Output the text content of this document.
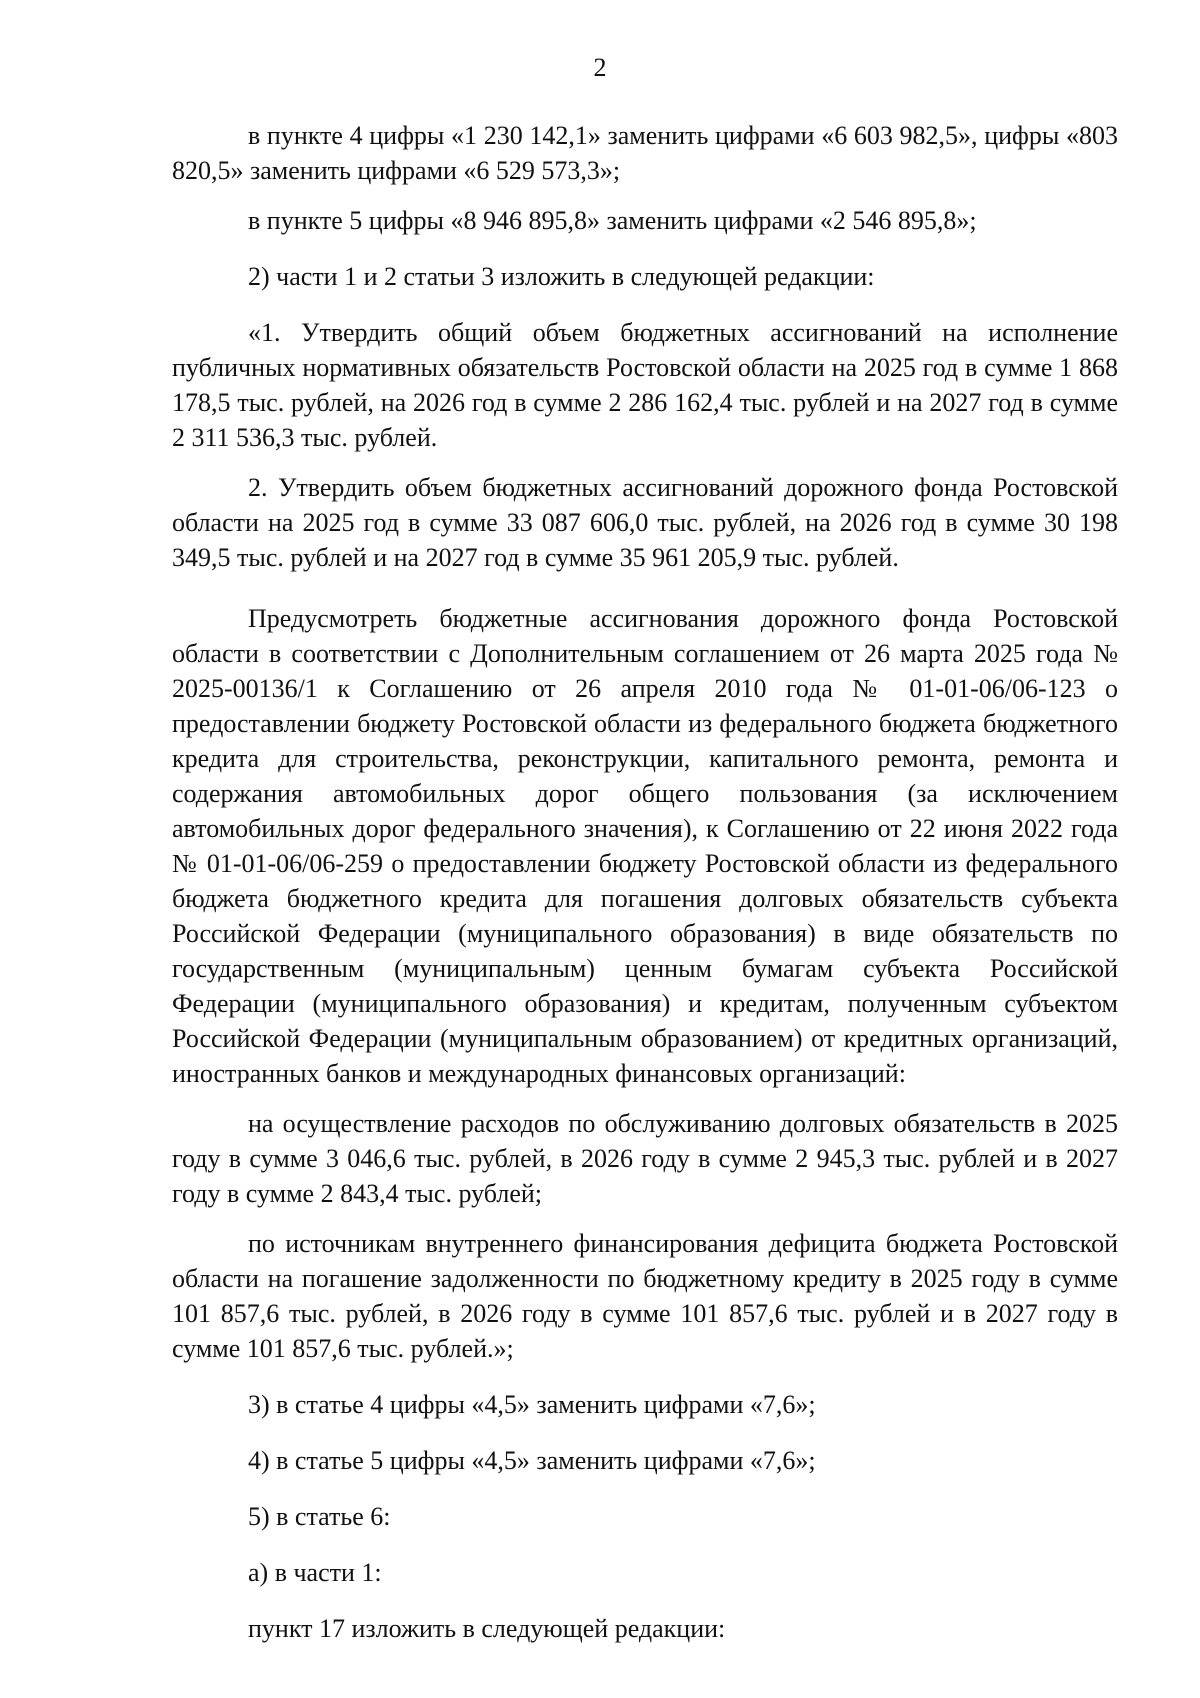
2

в пункте 4 цифры «1 230 142,1» заменить цифрами «6 603 982,5», цифры «803 820,5» заменить цифрами «6 529 573,3»;

в пункте 5 цифры «8 946 895,8» заменить цифрами «2 546 895,8»;

2) части 1 и 2 статьи 3 изложить в следующей редакции:

«1. Утвердить общий объем бюджетных ассигнований на исполнение публичных нормативных обязательств Ростовской области на 2025 год в сумме 1 868 178,5 тыс. рублей, на 2026 год в сумме 2 286 162,4 тыс. рублей и на 2027 год в сумме 2 311 536,3 тыс. рублей.

2. Утвердить объем бюджетных ассигнований дорожного фонда Ростовской области на 2025 год в сумме 33 087 606,0 тыс. рублей, на 2026 год в сумме 30 198 349,5 тыс. рублей и на 2027 год в сумме 35 961 205,9 тыс. рублей.

Предусмотреть бюджетные ассигнования дорожного фонда Ростовской области в соответствии с Дополнительным соглашением от 26 марта 2025 года № 2025-00136/1 к Соглашению от 26 апреля 2010 года № 01-01-06/06-123 о предоставлении бюджету Ростовской области из федерального бюджета бюджетного кредита для строительства, реконструкции, капитального ремонта, ремонта и содержания автомобильных дорог общего пользования (за исключением автомобильных дорог федерального значения), к Соглашению от 22 июня 2022 года № 01-01-06/06-259 о предоставлении бюджету Ростовской области из федерального бюджета бюджетного кредита для погашения долговых обязательств субъекта Российской Федерации (муниципального образования) в виде обязательств по государственным (муниципальным) ценным бумагам субъекта Российской Федерации (муниципального образования) и кредитам, полученным субъектом Российской Федерации (муниципальным образованием) от кредитных организаций, иностранных банков и международных финансовых организаций:

на осуществление расходов по обслуживанию долговых обязательств в 2025 году в сумме 3 046,6 тыс. рублей, в 2026 году в сумме 2 945,3 тыс. рублей и в 2027 году в сумме 2 843,4 тыс. рублей;

по источникам внутреннего финансирования дефицита бюджета Ростовской области на погашение задолженности по бюджетному кредиту в 2025 году в сумме 101 857,6 тыс. рублей, в 2026 году в сумме 101 857,6 тыс. рублей и в 2027 году в сумме 101 857,6 тыс. рублей.»;

3) в статье 4 цифры «4,5» заменить цифрами «7,6»;

4) в статье 5 цифры «4,5» заменить цифрами «7,6»;

5) в статье 6:

а) в части 1:

пункт 17 изложить в следующей редакции:
